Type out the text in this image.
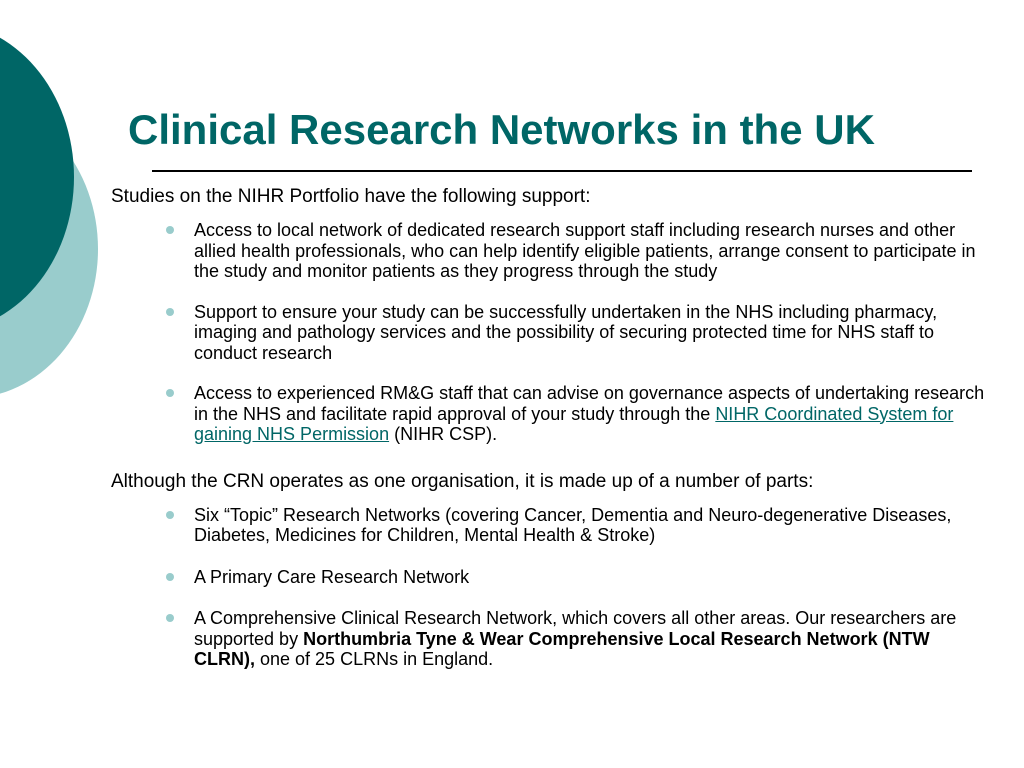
Clinical Research Networks in the UK

Studies on the NIHR Portfolio have the following support:

Access to local network of dedicated research support staff including research nurses and other allied health professionals, who can help identify eligible patients, arrange consent to participate in the study and monitor patients as they progress through the study
Support to ensure your study can be successfully undertaken in the NHS including pharmacy, imaging and pathology services and the possibility of securing protected time for NHS staff to conduct research
Access to experienced RM&G staff that can advise on governance aspects of undertaking research in the NHS and facilitate rapid approval of your study through the NIHR Coordinated System for gaining NHS Permission (NIHR CSP).

Although the CRN operates as one organisation, it is made up of a number of parts:

Six “Topic” Research Networks (covering Cancer, Dementia and Neuro-degenerative Diseases, Diabetes, Medicines for Children, Mental Health & Stroke)
A Primary Care Research Network
A Comprehensive Clinical Research Network, which covers all other areas. Our researchers are supported by Northumbria Tyne & Wear Comprehensive Local Research Network (NTW CLRN), one of 25 CLRNs in England.
